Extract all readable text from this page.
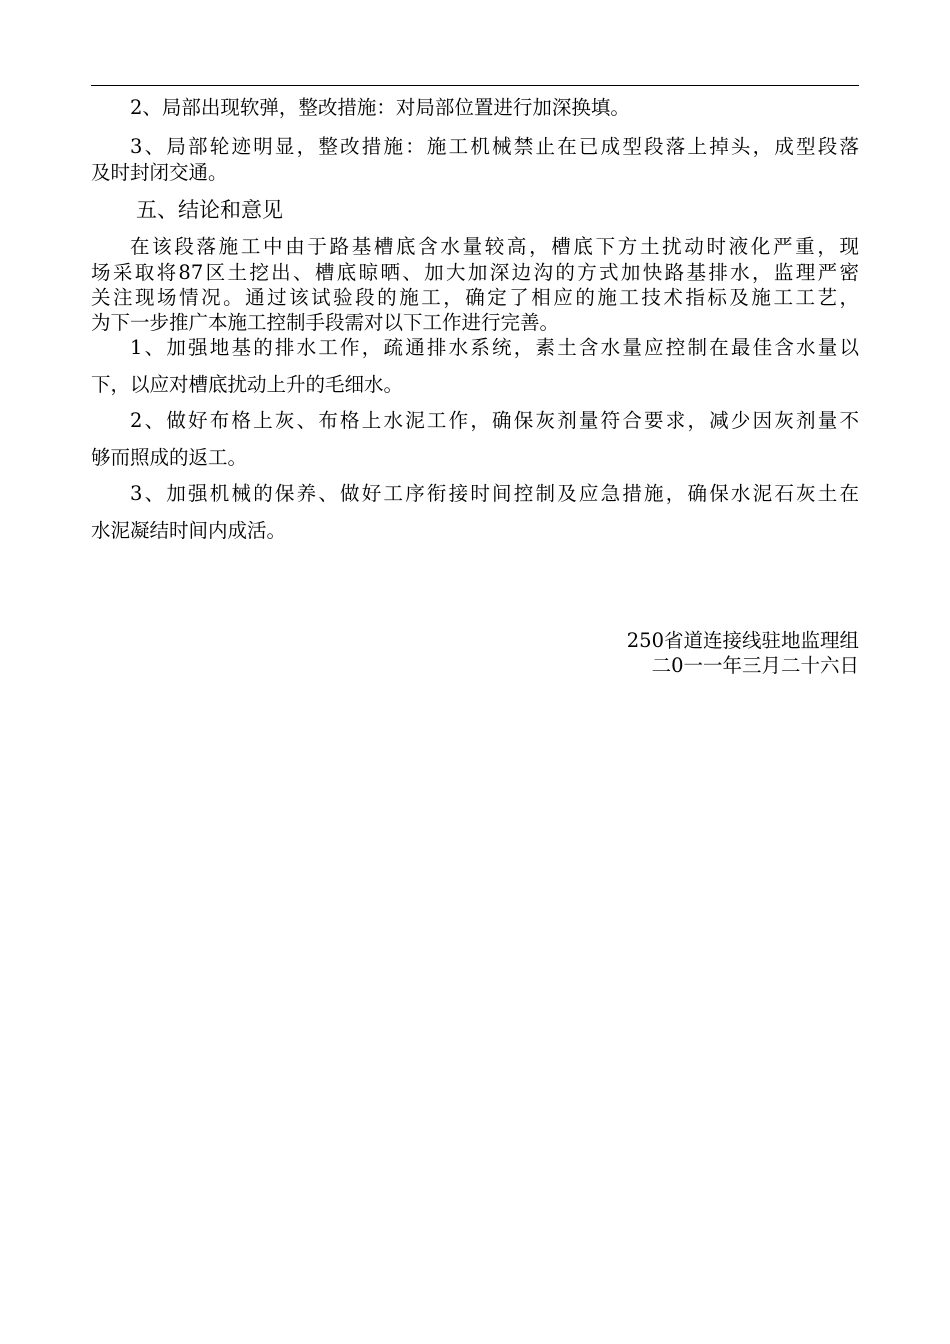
2、局部出现软弹，整改措施：对局部位置进行加深换填。
3、局部轮迹明显，整改措施：施工机械禁止在已成型段落上掉头，成型段落
及时封闭交通。
五、结论和意见
在该段落施工中由于路基槽底含水量较高，槽底下方土扰动时液化严重，现
场采取将87区土挖出、槽底晾晒、加大加深边沟的方式加快路基排水，监理严密
关注现场情况。通过该试验段的施工，确定了相应的施工技术指标及施工工艺，
为下一步推广本施工控制手段需对以下工作进行完善。
1、加强地基的排水工作，疏通排水系统，素土含水量应控制在最佳含水量以
下，以应对槽底扰动上升的毛细水。
2、做好布格上灰、布格上水泥工作，确保灰剂量符合要求，减少因灰剂量不
够而照成的返工。
3、加强机械的保养、做好工序衔接时间控制及应急措施，确保水泥石灰土在
水泥凝结时间内成活。
250省道连接线驻地监理组
二0一一年三月二十六日
